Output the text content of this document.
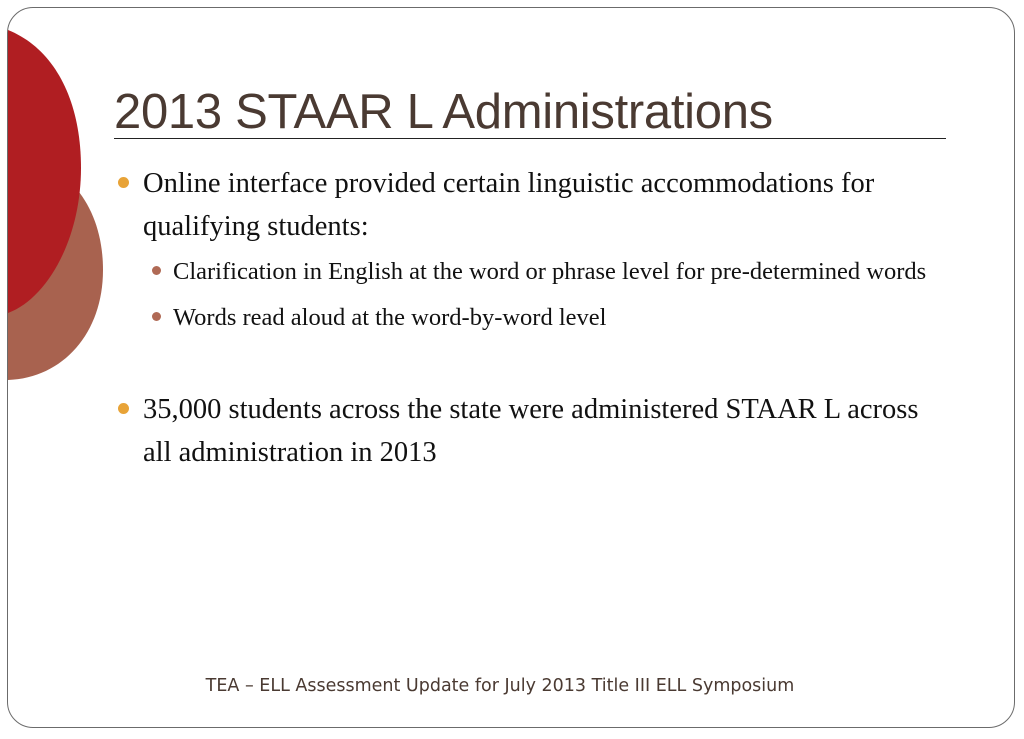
2013 STAAR L Administrations
Online interface provided certain linguistic accommodations for qualifying students:
Clarification in English at the word or phrase level for pre-determined words
Words read aloud at the word-by-word level
35,000 students across the state were administered STAAR L across all administration in 2013
TEA – ELL Assessment Update for July 2013 Title III ELL Symposium
